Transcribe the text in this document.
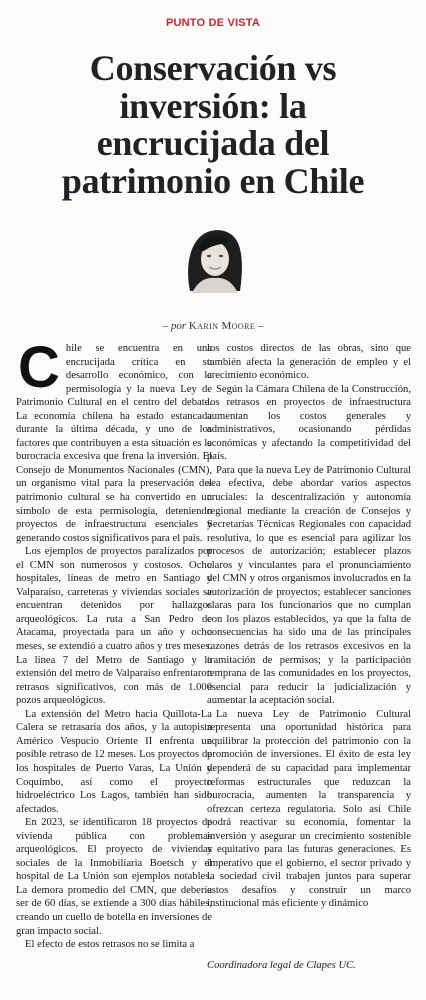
PUNTO DE VISTA
Conservación vs
inversión: la
encrucijada del
patrimonio en Chile
– por Karin Moore –

Chile se encuentra en una encrucijada crítica en su desarrollo económico, con la permisología y la nueva Ley de Patrimonio Cultural en el centro del debate. La economía chilena ha estado estancada durante la última década, y uno de los factores que contribuyen a esta situación es la burocracia excesiva que frena la inversión. El Consejo de Monumentos Nacionales (CMN), un organismo vital para la preservación del patrimonio cultural se ha convertido en un símbolo de esta permisología, deteniendo proyectos de infraestructura esenciales y generando costos significativos para el país.

Los ejemplos de proyectos paralizados por el CMN son numerosos y costosos. Ocho hospitales, líneas de metro en Santiago y Valparaíso, carreteras y viviendas sociales se encuentran detenidos por hallazgos arqueológicos. La ruta a San Pedro de Atacama, proyectada para un año y ocho meses, se extendió a cuatro años y tres meses. La línea 7 del Metro de Santiago y la extensión del metro de Valparaíso enfrentaron retrasos significativos, con más de 1.000 pozos arqueológicos.

La extensión del Metro hacia Quillota-La Calera se retrasaría dos años, y la autopista Américo Vespucio Oriente II enfrenta un posible retraso de 12 meses. Los proyectos de los hospitales de Puerto Varas, La Unión y Coquimbo, así como el proyecto hidroeléctrico Los Lagos, también han sido afectados.

En 2023, se identificaron 18 proyectos de vivienda pública con problemas arqueológicos. El proyecto de viviendas sociales de la Inmobiliaria Boetsch y el hospital de La Unión son ejemplos notables. La demora promedio del CMN, que debería ser de 60 días, se extiende a 300 días hábiles, creando un cuello de botella en inversiones de gran impacto social.

El efecto de estos retrasos no se limita a

los costos directos de las obras, sino que también afecta la generación de empleo y el crecimiento económico.

Según la Cámara Chilena de la Construcción, los retrasos en proyectos de infraestructura aumentan los costos generales y administrativos, ocasionando pérdidas económicas y afectando la competitividad del país.

Para que la nueva Ley de Patrimonio Cultural sea efectiva, debe abordar varios aspectos cruciales: la descentralización y autonomía regional mediante la creación de Consejos y Secretarías Técnicas Regionales con capacidad resolutiva, lo que es esencial para agilizar los procesos de autorización; establecer plazos claros y vinculantes para el pronunciamiento del CMN y otros organismos involucrados en la autorización de proyectos; establecer sanciones claras para los funcionarios que no cumplan con los plazos establecidos, ya que la falta de consecuencias ha sido una de las principales razones detrás de los retrasos excesivos en la tramitación de permisos; y la participación temprana de las comunidades en los proyectos, esencial para reducir la judicialización y aumentar la aceptación social.

La nueva Ley de Patrimonio Cultural representa una oportunidad histórica para equilibrar la protección del patrimonio con la promoción de inversiones. El éxito de esta ley dependerá de su capacidad para implementar reformas estructurales que reduzcan la burocracia, aumenten la transparencia y ofrezcan certeza regulatoria. Solo así Chile podrá reactivar su economía, fomentar la inversión y asegurar un crecimiento sostenible y equitativo para las futuras generaciones. Es imperativo que el gobierno, el sector privado y la sociedad civil trabajen juntos para superar estos desafíos y construir un marco institucional más eficiente y dinámico

Coordinadora legal de Clapes UC.
